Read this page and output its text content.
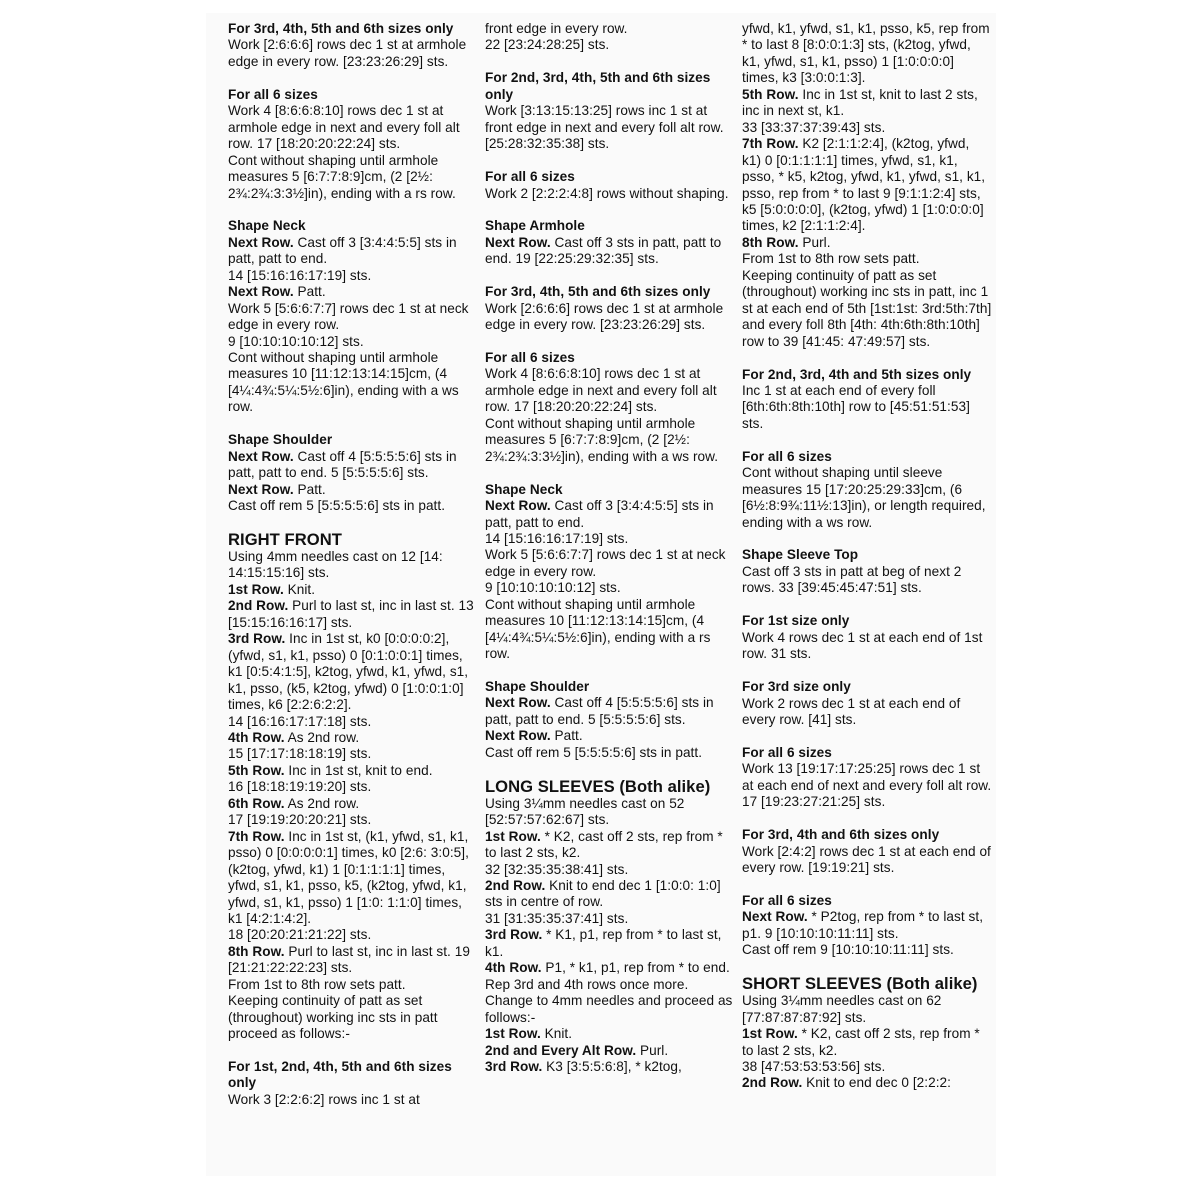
For 3rd, 4th, 5th and 6th sizes only

Work [2:6:6:6] rows dec 1 st at armhole edge in every row. [23:23:26:29] sts.

For all 6 sizes

Work 4 [8:6:6:8:10] rows dec 1 st at armhole edge in next and every foll alt row. 17 [18:20:20:22:24] sts.

Cont without shaping until armhole measures 5 [6:7:7:8:9]cm, (2 [2½: 2¾:2¾:3:3½]in), ending with a rs row.

Shape Neck

Next Row. Cast off 3 [3:4:4:5:5] sts in patt, patt to end.

14 [15:16:16:17:19] sts.

Next Row. Patt.

Work 5 [5:6:6:7:7] rows dec 1 st at neck edge in every row.

9 [10:10:10:10:12] sts.

Cont without shaping until armhole measures 10 [11:12:13:14:15]cm, (4 [4¼:4¾:5¼:5½:6]in), ending with a ws row.

Shape Shoulder

Next Row. Cast off 4 [5:5:5:5:6] sts in patt, patt to end. 5 [5:5:5:5:6] sts.

Next Row. Patt.

Cast off rem 5 [5:5:5:5:6] sts in patt.

RIGHT FRONT

Using 4mm needles cast on 12 [14: 14:15:15:16] sts.

1st Row. Knit.

2nd Row. Purl to last st, inc in last st. 13 [15:15:16:16:17] sts.

3rd Row. Inc in 1st st, k0 [0:0:0:0:2], (yfwd, s1, k1, psso) 0 [0:1:0:0:1] times, k1 [0:5:4:1:5], k2tog, yfwd, k1, yfwd, s1, k1, psso, (k5, k2tog, yfwd) 0 [1:0:0:1:0] times, k6 [2:2:6:2:2].

14 [16:16:17:17:18] sts.

4th Row. As 2nd row.

15 [17:17:18:18:19] sts.

5th Row. Inc in 1st st, knit to end.

16 [18:18:19:19:20] sts.

6th Row. As 2nd row.

17 [19:19:20:20:21] sts.

7th Row. Inc in 1st st, (k1, yfwd, s1, k1, psso) 0 [0:0:0:0:1] times, k0 [2:6: 3:0:5], (k2tog, yfwd, k1) 1 [0:1:1:1:1] times, yfwd, s1, k1, psso, k5, (k2tog, yfwd, k1, yfwd, s1, k1, psso) 1 [1:0: 1:1:0] times, k1 [4:2:1:4:2].

18 [20:20:21:21:22] sts.

8th Row. Purl to last st, inc in last st. 19 [21:21:22:22:23] sts.

From 1st to 8th row sets patt.

Keeping continuity of patt as set (throughout) working inc sts in patt proceed as follows:-

For 1st, 2nd, 4th, 5th and 6th sizes only

Work 3 [2:2:6:2] rows inc 1 st at

front edge in every row.

22 [23:24:28:25] sts.

For 2nd, 3rd, 4th, 5th and 6th sizes only

Work [3:13:15:13:25] rows inc 1 st at front edge in next and every foll alt row. [25:28:32:35:38] sts.

For all 6 sizes

Work 2 [2:2:2:4:8] rows without shaping.

Shape Armhole

Next Row. Cast off 3 sts in patt, patt to end. 19 [22:25:29:32:35] sts.

For 3rd, 4th, 5th and 6th sizes only

Work [2:6:6:6] rows dec 1 st at armhole edge in every row. [23:23:26:29] sts.

For all 6 sizes

Work 4 [8:6:6:8:10] rows dec 1 st at armhole edge in next and every foll alt row. 17 [18:20:20:22:24] sts.

Cont without shaping until armhole measures 5 [6:7:7:8:9]cm, (2 [2½: 2¾:2¾:3:3½]in), ending with a ws row.

Shape Neck

Next Row. Cast off 3 [3:4:4:5:5] sts in patt, patt to end.

14 [15:16:16:17:19] sts.

Work 5 [5:6:6:7:7] rows dec 1 st at neck edge in every row.

9 [10:10:10:10:12] sts.

Cont without shaping until armhole measures 10 [11:12:13:14:15]cm, (4 [4¼:4¾:5¼:5½:6]in), ending with a rs row.

Shape Shoulder

Next Row. Cast off 4 [5:5:5:5:6] sts in patt, patt to end. 5 [5:5:5:5:6] sts.

Next Row. Patt.

Cast off rem 5 [5:5:5:5:6] sts in patt.

LONG SLEEVES (Both alike)

Using 3¼mm needles cast on 52 [52:57:57:62:67] sts.

1st Row. * K2, cast off 2 sts, rep from * to last 2 sts, k2.

32 [32:35:35:38:41] sts.

2nd Row. Knit to end dec 1 [1:0:0: 1:0] sts in centre of row.

31 [31:35:35:37:41] sts.

3rd Row. * K1, p1, rep from * to last st, k1.

4th Row. P1, * k1, p1, rep from * to end.

Rep 3rd and 4th rows once more.

Change to 4mm needles and proceed as follows:-

1st Row. Knit.

2nd and Every Alt Row. Purl.

3rd Row. K3 [3:5:5:6:8], * k2tog,

yfwd, k1, yfwd, s1, k1, psso, k5, rep from * to last 8 [8:0:0:1:3] sts, (k2tog, yfwd, k1, yfwd, s1, k1, psso) 1 [1:0:0:0:0] times, k3 [3:0:0:1:3].

5th Row. Inc in 1st st, knit to last 2 sts, inc in next st, k1.

33 [33:37:37:39:43] sts.

7th Row. K2 [2:1:1:2:4], (k2tog, yfwd, k1) 0 [0:1:1:1:1] times, yfwd, s1, k1, psso, * k5, k2tog, yfwd, k1, yfwd, s1, k1, psso, rep from * to last 9 [9:1:1:2:4] sts, k5 [5:0:0:0:0], (k2tog, yfwd) 1 [1:0:0:0:0] times, k2 [2:1:1:2:4].

8th Row. Purl.

From 1st to 8th row sets patt.

Keeping continuity of patt as set (throughout) working inc sts in patt, inc 1 st at each end of 5th [1st:1st: 3rd:5th:7th] and every foll 8th [4th: 4th:6th:8th:10th] row to 39 [41:45: 47:49:57] sts.

For 2nd, 3rd, 4th and 5th sizes only

Inc 1 st at each end of every foll [6th:6th:8th:10th] row to [45:51:51:53] sts.

For all 6 sizes

Cont without shaping until sleeve measures 15 [17:20:25:29:33]cm, (6 [6½:8:9¾:11½:13]in), or length required, ending with a ws row.

Shape Sleeve Top

Cast off 3 sts in patt at beg of next 2 rows. 33 [39:45:45:47:51] sts.

For 1st size only

Work 4 rows dec 1 st at each end of 1st row. 31 sts.

For 3rd size only

Work 2 rows dec 1 st at each end of every row. [41] sts.

For all 6 sizes

Work 13 [19:17:17:25:25] rows dec 1 st at each end of next and every foll alt row. 17 [19:23:27:21:25] sts.

For 3rd, 4th and 6th sizes only

Work [2:4:2] rows dec 1 st at each end of every row. [19:19:21] sts.

For all 6 sizes

Next Row. * P2tog, rep from * to last st, p1. 9 [10:10:10:11:11] sts.

Cast off rem 9 [10:10:10:11:11] sts.

SHORT SLEEVES (Both alike)

Using 3¼mm needles cast on 62 [77:87:87:87:92] sts.

1st Row. * K2, cast off 2 sts, rep from * to last 2 sts, k2.

38 [47:53:53:53:56] sts.

2nd Row. Knit to end dec 0 [2:2:2:
